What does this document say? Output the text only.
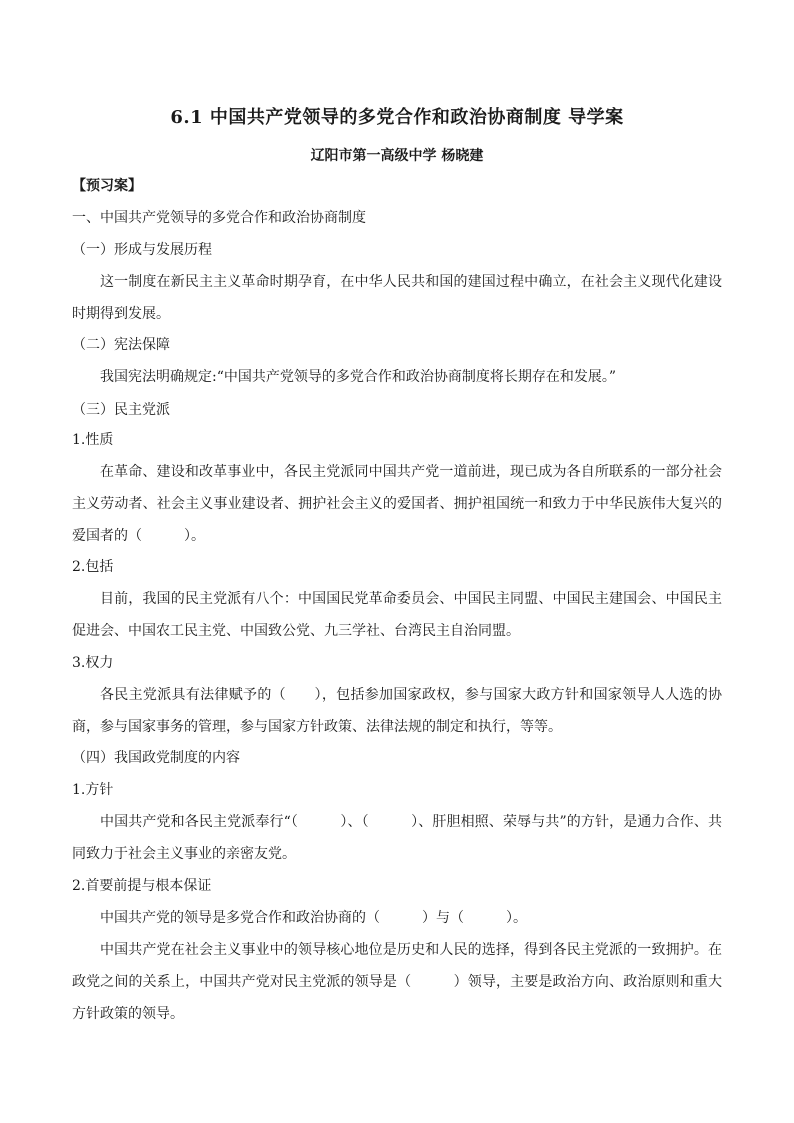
6.1 中国共产党领导的多党合作和政治协商制度 导学案
辽阳市第一高级中学 杨晓建
【预习案】
一、中国共产党领导的多党合作和政治协商制度
（一）形成与发展历程
这一制度在新民主主义革命时期孕育，在中华人民共和国的建国过程中确立，在社会主义现代化建设时期得到发展。
（二）宪法保障
我国宪法明确规定:“中国共产党领导的多党合作和政治协商制度将长期存在和发展。”
（三）民主党派
1.性质
在革命、建设和改革事业中，各民主党派同中国共产党一道前进，现已成为各自所联系的一部分社会主义劳动者、社会主义事业建设者、拥护社会主义的爱国者、拥护祖国统一和致力于中华民族伟大复兴的爱国者的（　　　）。
2.包括
目前，我国的民主党派有八个：中国国民党革命委员会、中国民主同盟、中国民主建国会、中国民主促进会、中国农工民主党、中国致公党、九三学社、台湾民主自治同盟。
3.权力
各民主党派具有法律赋予的（　　），包括参加国家政权，参与国家大政方针和国家领导人人选的协商，参与国家事务的管理，参与国家方针政策、法律法规的制定和执行，等等。
（四）我国政党制度的内容
1.方针
中国共产党和各民主党派奉行“（　　　）、（　　　）、肝胆相照、荣辱与共”的方针，是通力合作、共同致力于社会主义事业的亲密友党。
2.首要前提与根本保证
中国共产党的领导是多党合作和政治协商的（　　　）与（　　　）。
中国共产党在社会主义事业中的领导核心地位是历史和人民的选择，得到各民主党派的一致拥护。在政党之间的关系上，中国共产党对民主党派的领导是（　　　）领导，主要是政治方向、政治原则和重大方针政策的领导。
